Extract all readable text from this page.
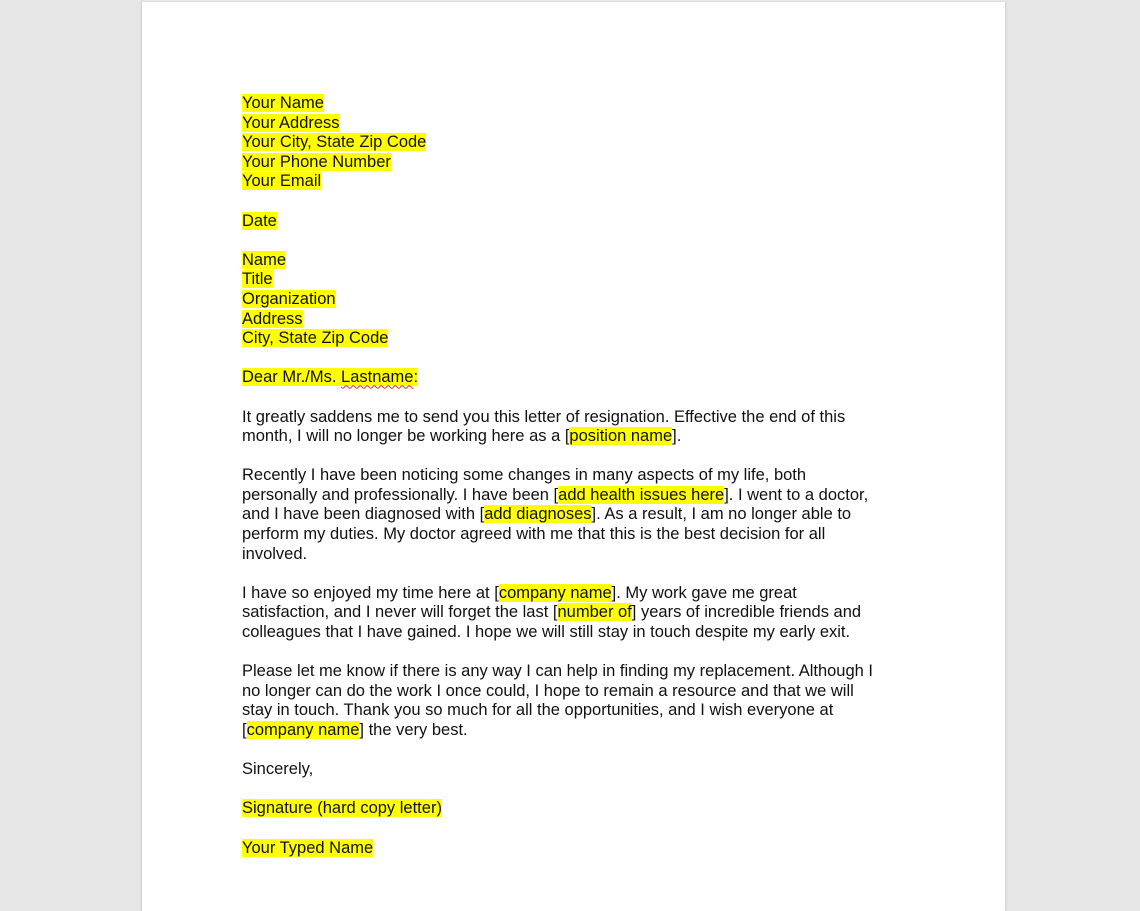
Your Name
Your Address
Your City, State Zip Code
Your Phone Number
Your Email
Date
Name
Title
Organization
Address
City, State Zip Code
Dear Mr./Ms. Lastname:
It greatly saddens me to send you this letter of resignation. Effective the end of this
month, I will no longer be working here as a [position name].
Recently I have been noticing some changes in many aspects of my life, both
personally and professionally. I have been [add health issues here]. I went to a doctor,
and I have been diagnosed with [add diagnoses]. As a result, I am no longer able to
perform my duties. My doctor agreed with me that this is the best decision for all
involved.
I have so enjoyed my time here at [company name]. My work gave me great
satisfaction, and I never will forget the last [number of] years of incredible friends and
colleagues that I have gained. I hope we will still stay in touch despite my early exit.
Please let me know if there is any way I can help in finding my replacement. Although I
no longer can do the work I once could, I hope to remain a resource and that we will
stay in touch. Thank you so much for all the opportunities, and I wish everyone at
[company name] the very best.
Sincerely,
Signature (hard copy letter)
Your Typed Name
